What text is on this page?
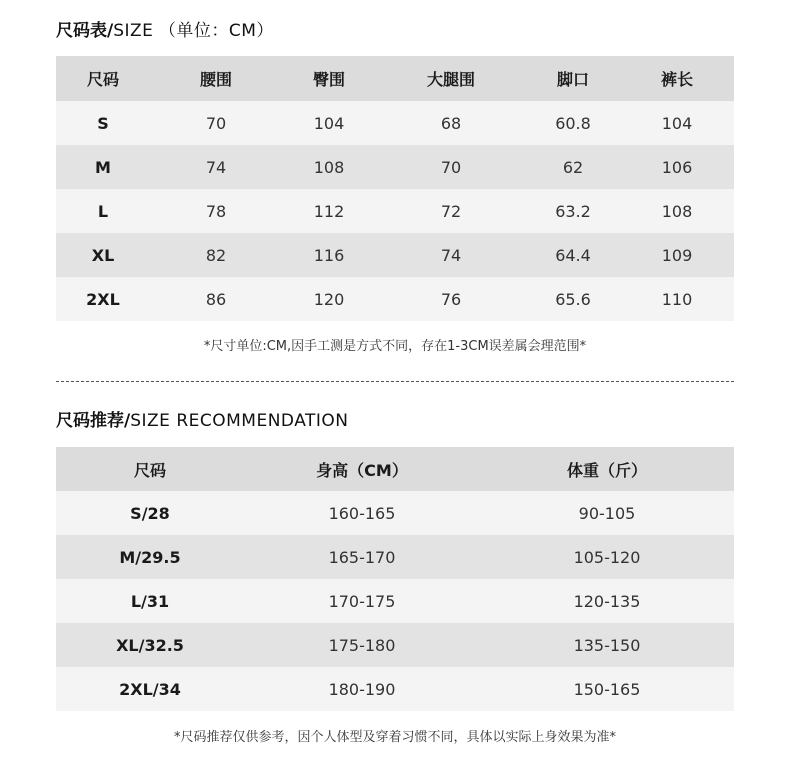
尺码表/SIZE （单位：CM）
尺码	腰围	臀围	大腿围	脚口	裤长
S	70	104	68	60.8	104
M	74	108	70	62	106
L	78	112	72	63.2	108
XL	82	116	74	64.4	109
2XL	86	120	76	65.6	110
*尺寸单位:CM,因手工测是方式不同，存在1-3CM误差属会理范围*
尺码推荐/SIZE RECOMMENDATION
尺码	身高（CM）	体重（斤）
S/28	160-165	90-105
M/29.5	165-170	105-120
L/31	170-175	120-135
XL/32.5	175-180	135-150
2XL/34	180-190	150-165
*尺码推荐仅供参考，因个人体型及穿着习惯不同，具体以实际上身效果为准*
